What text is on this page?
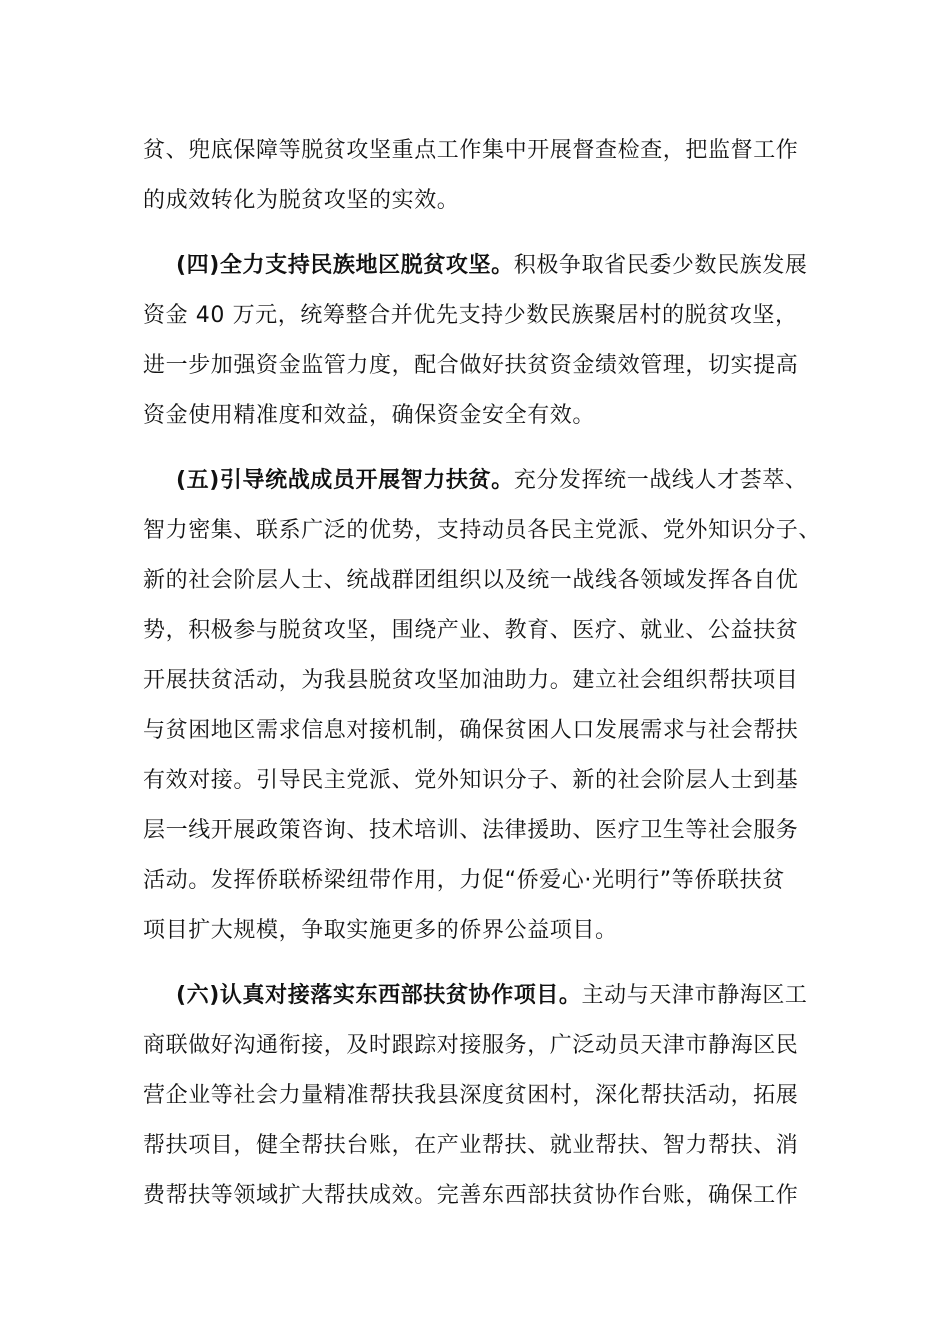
贫、兜底保障等脱贫攻坚重点工作集中开展督查检查，把监督工作
的成效转化为脱贫攻坚的实效。
(四)全力支持民族地区脱贫攻坚。积极争取省民委少数民族发展
资金 40 万元，统筹整合并优先支持少数民族聚居村的脱贫攻坚，
进一步加强资金监管力度，配合做好扶贫资金绩效管理，切实提高
资金使用精准度和效益，确保资金安全有效。
(五)引导统战成员开展智力扶贫。充分发挥统一战线人才荟萃、
智力密集、联系广泛的优势，支持动员各民主党派、党外知识分子、
新的社会阶层人士、统战群团组织以及统一战线各领域发挥各自优
势，积极参与脱贫攻坚，围绕产业、教育、医疗、就业、公益扶贫
开展扶贫活动，为我县脱贫攻坚加油助力。建立社会组织帮扶项目
与贫困地区需求信息对接机制，确保贫困人口发展需求与社会帮扶
有效对接。引导民主党派、党外知识分子、新的社会阶层人士到基
层一线开展政策咨询、技术培训、法律援助、医疗卫生等社会服务
活动。发挥侨联桥梁纽带作用，力促“侨爱心·光明行”等侨联扶贫
项目扩大规模，争取实施更多的侨界公益项目。
(六)认真对接落实东西部扶贫协作项目。主动与天津市静海区工
商联做好沟通衔接，及时跟踪对接服务，广泛动员天津市静海区民
营企业等社会力量精准帮扶我县深度贫困村，深化帮扶活动，拓展
帮扶项目，健全帮扶台账，在产业帮扶、就业帮扶、智力帮扶、消
费帮扶等领域扩大帮扶成效。完善东西部扶贫协作台账，确保工作
